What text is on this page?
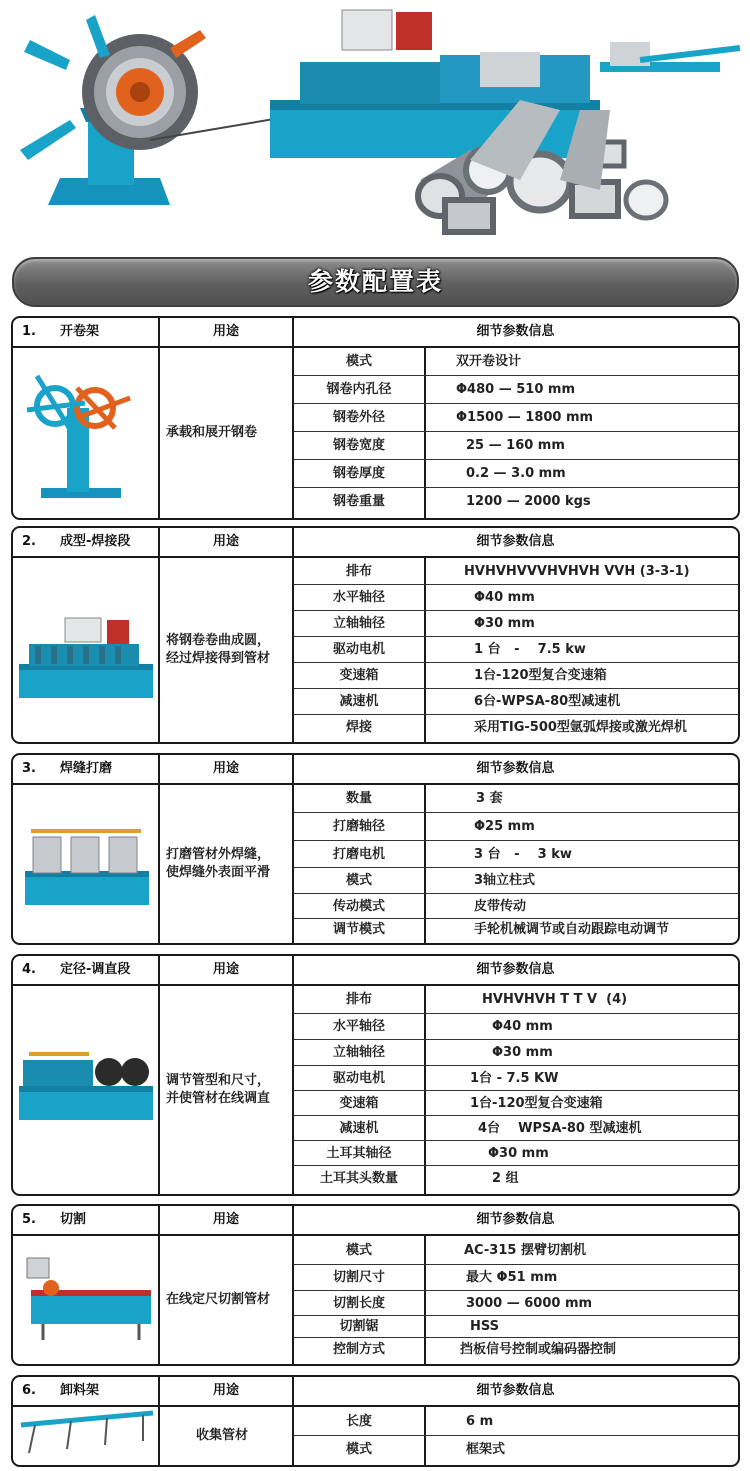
参数配置表
1. 开卷架	用途	细节参数信息
承载和展开钢卷
模式	双开卷设计
钢卷内孔径	Φ480 — 510 mm
钢卷外径	Φ1500 — 1800 mm
钢卷宽度	25 — 160 mm
钢卷厚度	0.2 — 3.0 mm
钢卷重量	1200 — 2000 kgs
2. 成型-焊接段	用途	细节参数信息
将钢卷卷曲成圆，
经过焊接得到管材
排布	HVHVHVVVHVHVH VVH (3-3-1)
水平轴径	Φ40 mm
立轴轴径	Φ30 mm
驱动电机	1 台   -    7.5 kw
变速箱	1台-120型复合变速箱
减速机	6台-WPSA-80型减速机
焊接	采用TIG-500型氩弧焊接或激光焊机
3. 焊缝打磨	用途	细节参数信息
打磨管材外焊缝，
使焊缝外表面平滑
数量	3 套
打磨轴径	Φ25 mm
打磨电机	3 台   -    3 kw
模式	3轴立柱式
传动模式	皮带传动
调节模式	手轮机械调节或自动跟踪电动调节
4. 定径-调直段	用途	细节参数信息
调节管型和尺寸，
并使管材在线调直
排布	HVHVHVH T T V  (4)
水平轴径	Φ40 mm
立轴轴径	Φ30 mm
驱动电机	1台 - 7.5 KW
变速箱	1台-120型复合变速箱
减速机	4台    WPSA-80 型减速机
土耳其轴径	Φ30 mm
土耳其头数量	2 组
5. 切割	用途	细节参数信息
在线定尺切割管材
模式	AC-315 摆臂切割机
切割尺寸	最大 Φ51 mm
切割长度	3000 — 6000 mm
切割锯	HSS
控制方式	挡板信号控制或编码器控制
6. 卸料架	用途	细节参数信息
收集管材
长度	6 m
模式	框架式
